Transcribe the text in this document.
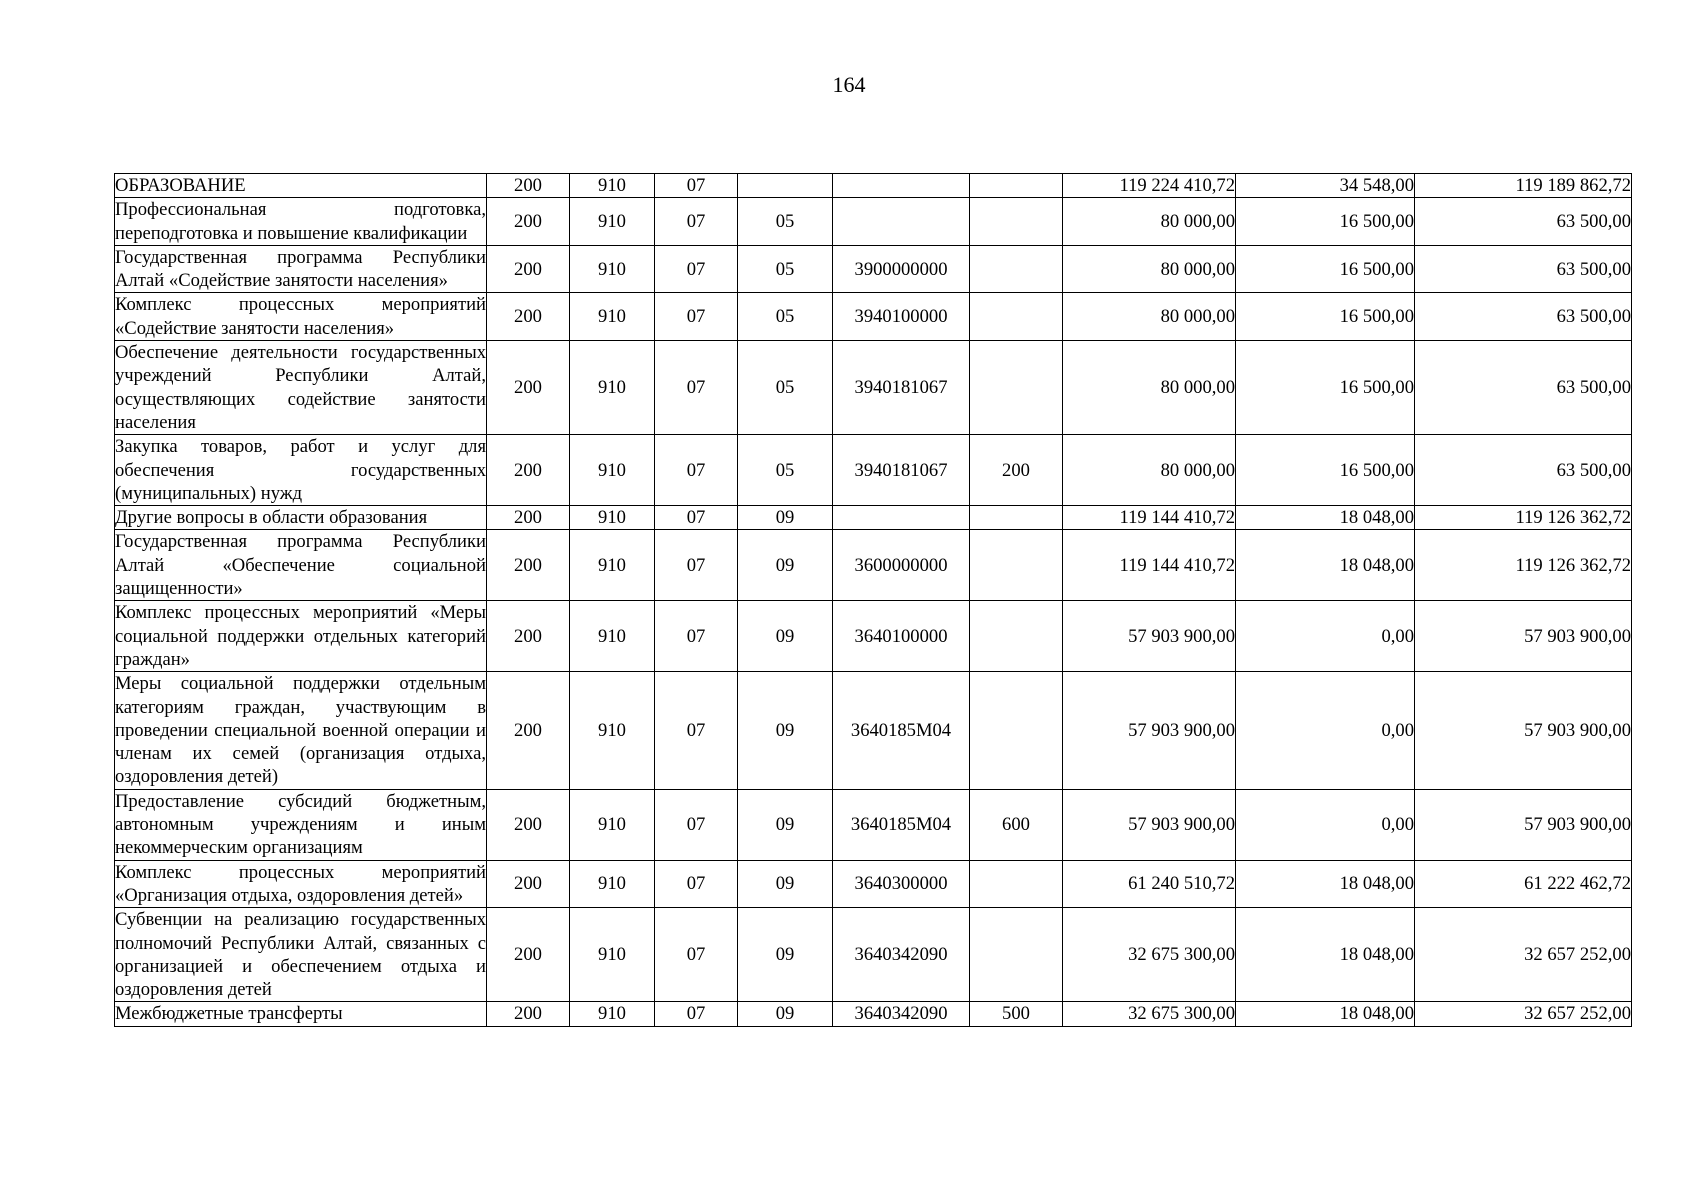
164
ОБРАЗОВАНИЕ	200	910	07				119 224 410,72	34 548,00	119 189 862,72
Профессиональная подготовка, переподготовка и повышение квалификации	200	910	07	05			80 000,00	16 500,00	63 500,00
Государственная программа Республики Алтай «Содействие занятости населения»	200	910	07	05	3900000000		80 000,00	16 500,00	63 500,00
Комплекс процессных мероприятий «Содействие занятости населения»	200	910	07	05	3940100000		80 000,00	16 500,00	63 500,00
Обеспечение деятельности государственных учреждений Республики Алтай, осуществляющих содействие занятости населения	200	910	07	05	3940181067		80 000,00	16 500,00	63 500,00
Закупка товаров, работ и услуг для обеспечения государственных (муниципальных) нужд	200	910	07	05	3940181067	200	80 000,00	16 500,00	63 500,00
Другие вопросы в области образования	200	910	07	09			119 144 410,72	18 048,00	119 126 362,72
Государственная программа Республики Алтай «Обеспечение социальной защищенности»	200	910	07	09	3600000000		119 144 410,72	18 048,00	119 126 362,72
Комплекс процессных мероприятий «Меры социальной поддержки отдельных категорий граждан»	200	910	07	09	3640100000		57 903 900,00	0,00	57 903 900,00
Меры социальной поддержки отдельным категориям граждан, участвующим в проведении специальной военной операции и членам их семей (организация отдыха, оздоровления детей)	200	910	07	09	3640185М04		57 903 900,00	0,00	57 903 900,00
Предоставление субсидий бюджетным, автономным учреждениям и иным некоммерческим организациям	200	910	07	09	3640185М04	600	57 903 900,00	0,00	57 903 900,00
Комплекс процессных мероприятий «Организация отдыха, оздоровления детей»	200	910	07	09	3640300000		61 240 510,72	18 048,00	61 222 462,72
Субвенции на реализацию государственных полномочий Республики Алтай, связанных с организацией и обеспечением отдыха и оздоровления детей	200	910	07	09	3640342090		32 675 300,00	18 048,00	32 657 252,00
Межбюджетные трансферты	200	910	07	09	3640342090	500	32 675 300,00	18 048,00	32 657 252,00
